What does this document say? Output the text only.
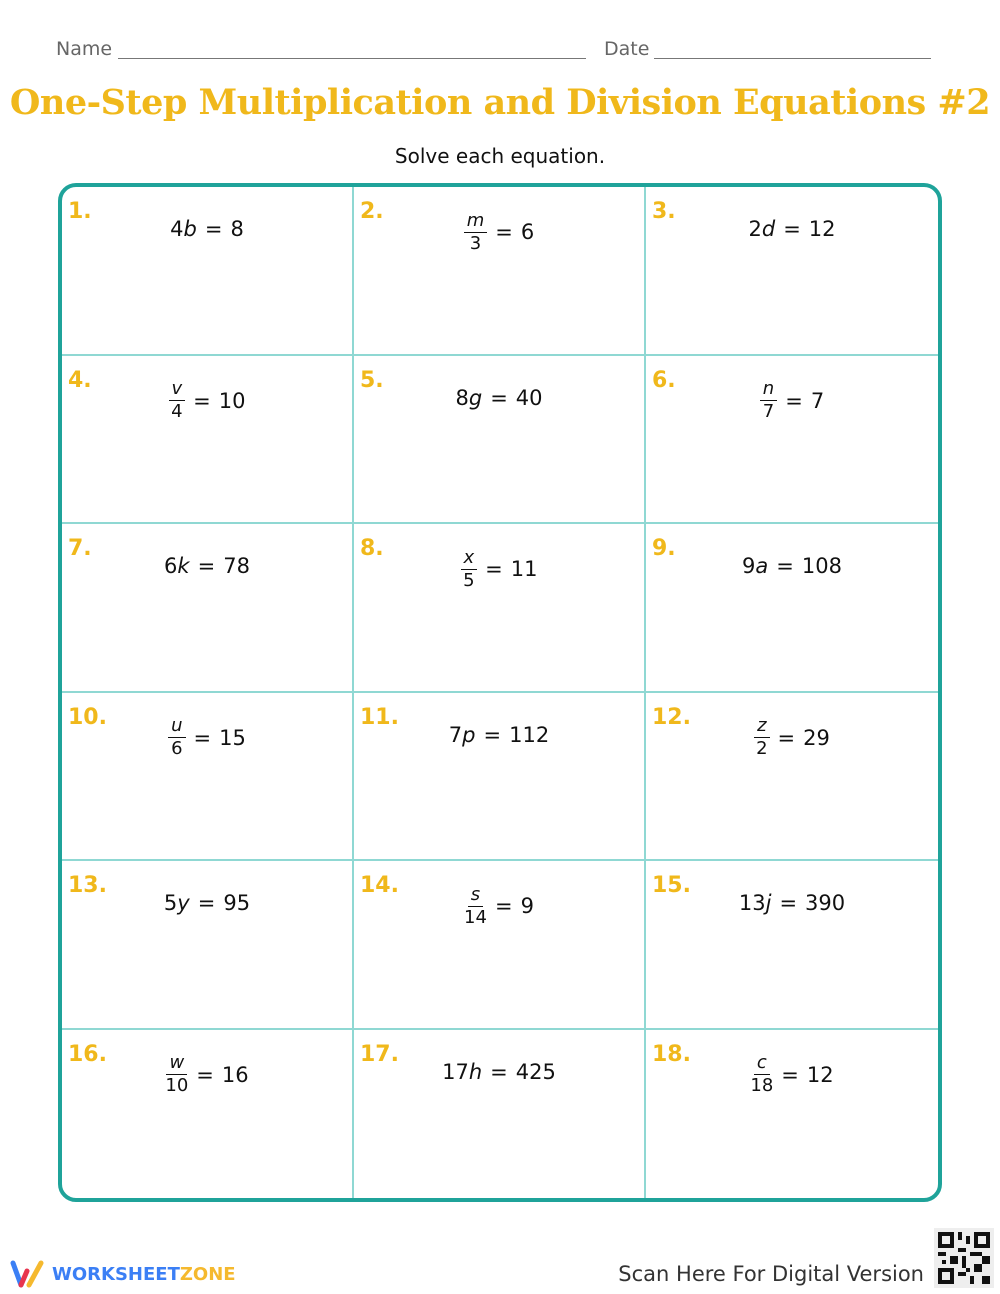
Name	Date
One-Step Multiplication and Division Equations #2
Solve each equation.
1.
4b = 8
2.	$\frac{m}{3} = 6$
3.
2d = 12
4.	$\frac{v}{4} = 10$
5.
8g = 40
6.	$\frac{n}{7} = 7$
7.
6k = 78
8.	$\frac{x}{5} = 11$
9.
9a = 108
10.	$\frac{u}{6} = 15$
11.
7p = 112
12.	$\frac{z}{2} = 29$
13.
5y = 95
14.	$\frac{s}{14} = 9$
15.
13j = 390
16.	$\frac{w}{10} = 16$
17.
17h = 425
18.	$\frac{c}{18} = 12$
WORKSHEETZONE	Scan Here For Digital Version
